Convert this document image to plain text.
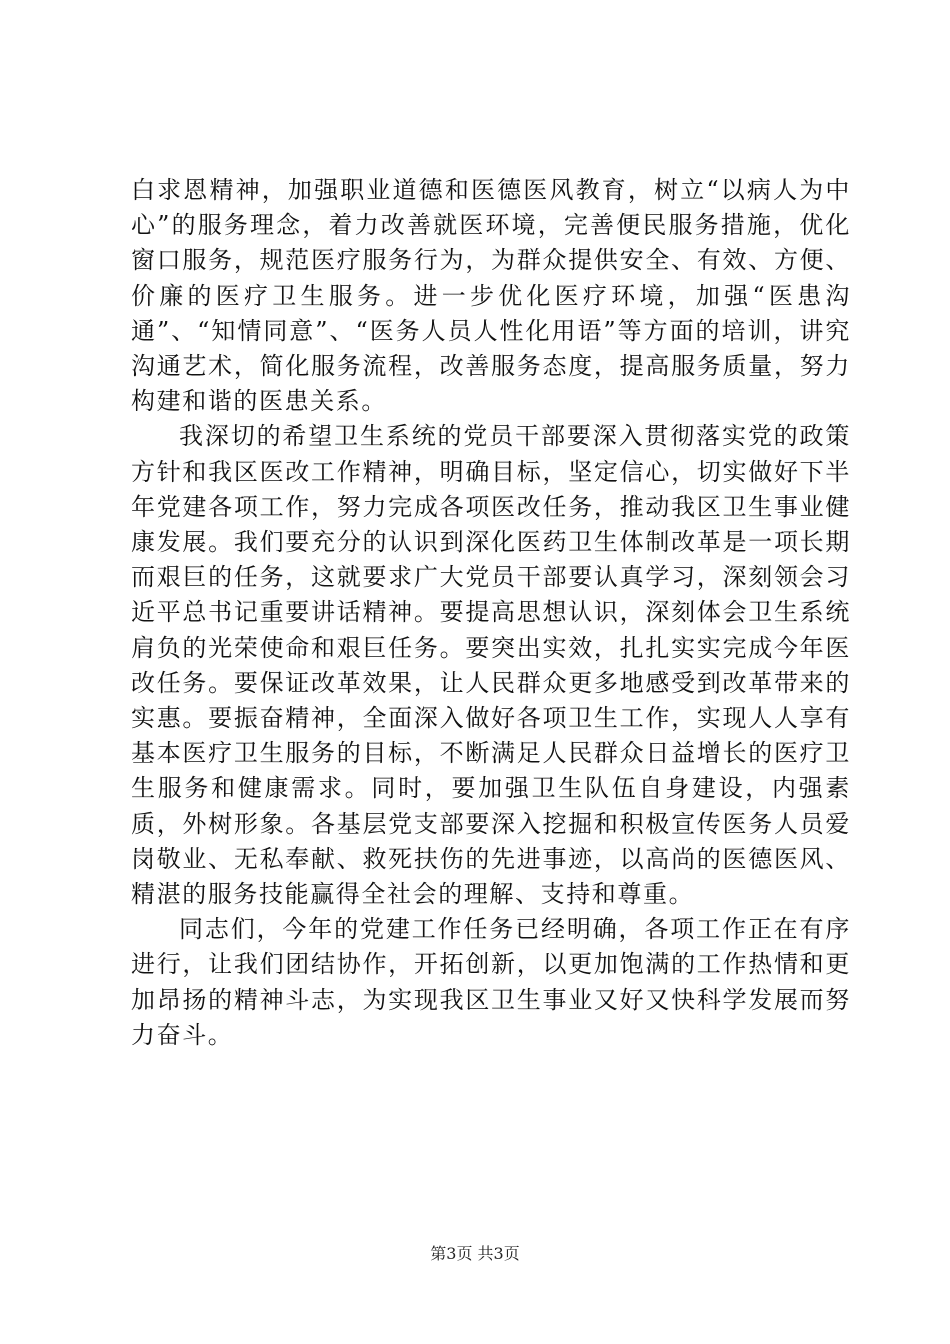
白求恩精神，加强职业道德和医德医风教育，树立“以病人为中心”的服务理念，着力改善就医环境，完善便民服务措施，优化窗口服务，规范医疗服务行为，为群众提供安全、有效、方便、价廉的医疗卫生服务。进一步优化医疗环境，加强“医患沟通”、“知情同意”、“医务人员人性化用语”等方面的培训，讲究沟通艺术，简化服务流程，改善服务态度，提高服务质量，努力构建和谐的医患关系。

我深切的希望卫生系统的党员干部要深入贯彻落实党的政策方针和我区医改工作精神，明确目标，坚定信心，切实做好下半年党建各项工作，努力完成各项医改任务，推动我区卫生事业健康发展。我们要充分的认识到深化医药卫生体制改革是一项长期而艰巨的任务，这就要求广大党员干部要认真学习，深刻领会习近平总书记重要讲话精神。要提高思想认识，深刻体会卫生系统肩负的光荣使命和艰巨任务。要突出实效，扎扎实实完成今年医改任务。要保证改革效果，让人民群众更多地感受到改革带来的实惠。要振奋精神，全面深入做好各项卫生工作，实现人人享有基本医疗卫生服务的目标，不断满足人民群众日益增长的医疗卫生服务和健康需求。同时，要加强卫生队伍自身建设，内强素质，外树形象。各基层党支部要深入挖掘和积极宣传医务人员爱岗敬业、无私奉献、救死扶伤的先进事迹，以高尚的医德医风、精湛的服务技能赢得全社会的理解、支持和尊重。

同志们，今年的党建工作任务已经明确，各项工作正在有序进行，让我们团结协作，开拓创新，以更加饱满的工作热情和更加昂扬的精神斗志，为实现我区卫生事业又好又快科学发展而努力奋斗。

第3页 共3页
